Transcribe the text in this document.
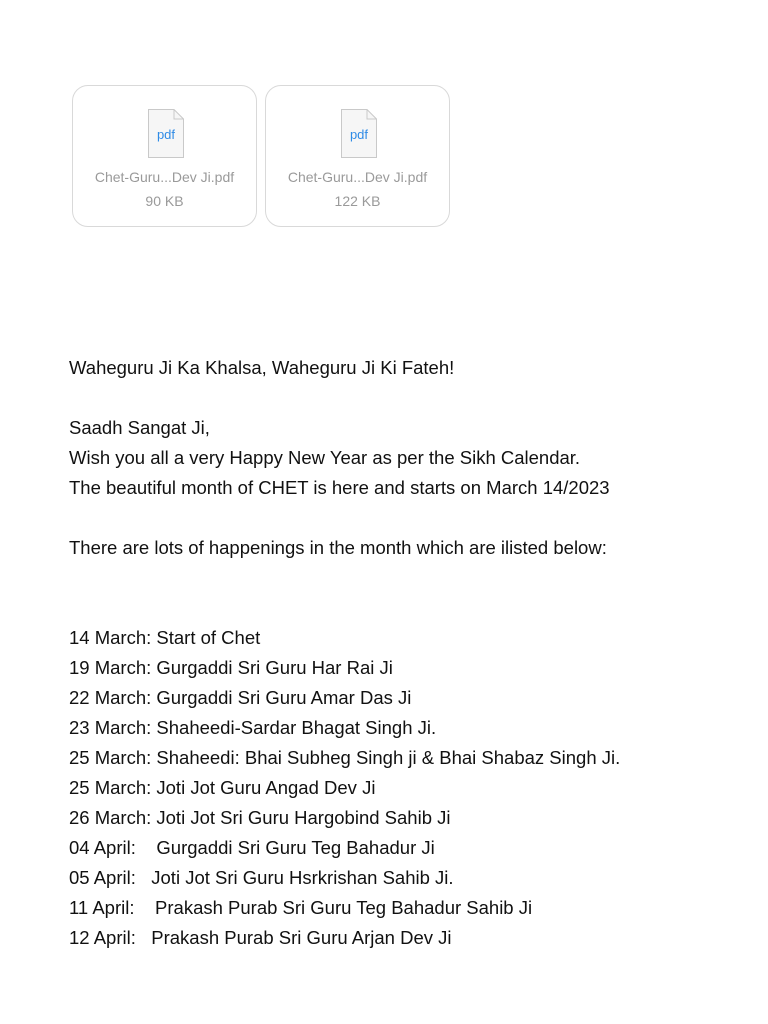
pdf
Chet-Guru...Dev Ji.pdf
90 KB
pdf
Chet-Guru...Dev Ji.pdf
122 KB
Waheguru Ji Ka Khalsa, Waheguru Ji Ki Fateh!
Saadh Sangat Ji,
Wish you all a very Happy New Year as per the Sikh Calendar.
The beautiful month of CHET is here and starts on March 14/2023
There are lots of happenings in the month which are ilisted below:
14 March: Start of Chet
19 March: Gurgaddi Sri Guru Har Rai Ji
22 March: Gurgaddi Sri Guru Amar Das Ji
23 March: Shaheedi-Sardar Bhagat Singh Ji.
25 March: Shaheedi: Bhai Subheg Singh ji & Bhai Shabaz Singh Ji.
25 March: Joti Jot Guru Angad Dev Ji
26 March: Joti Jot Sri Guru Hargobind Sahib Ji
04 April:    Gurgaddi Sri Guru Teg Bahadur Ji
05 April:   Joti Jot Sri Guru Hsrkrishan Sahib Ji.
11 April:    Prakash Purab Sri Guru Teg Bahadur Sahib Ji
12 April:   Prakash Purab Sri Guru Arjan Dev Ji
